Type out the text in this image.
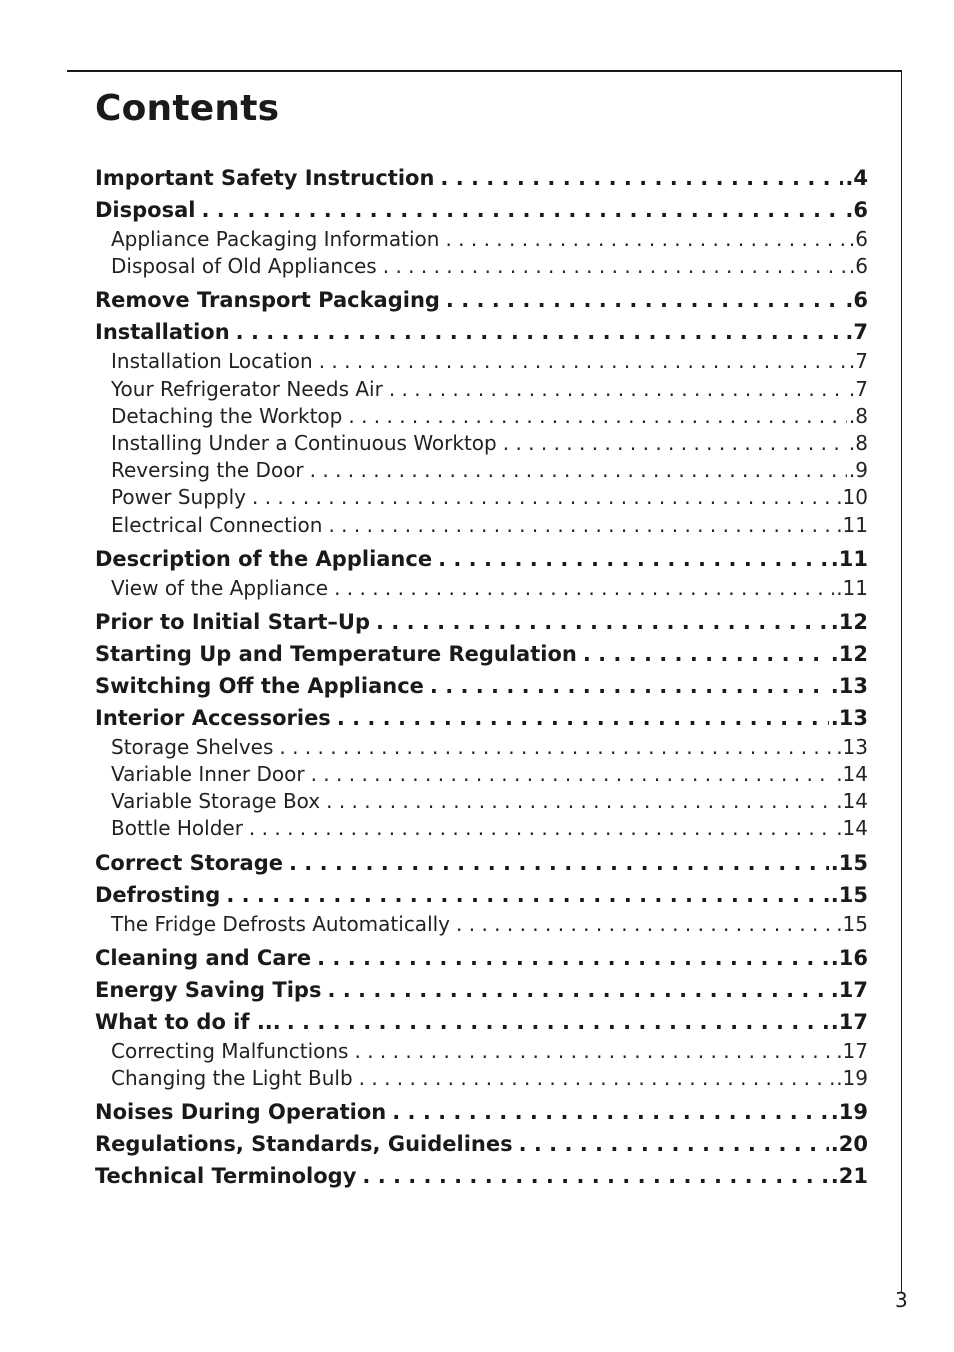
Contents
Important Safety Instruction . . .	.4
Disposal . . .	.6
Appliance Packaging Information . . .	.6
Disposal of Old Appliances . . .	.6
Remove Transport Packaging . . .	.6
Installation . . .	.7
Installation Location . . .	.7
Your Refrigerator Needs Air . . .	.7
Detaching the Worktop . . .	.8
Installing Under a Continuous Worktop . . .	.8
Reversing the Door . . .	.9
Power Supply . . .	.10
Electrical Connection . . .	.11
Description of the Appliance . . .	.11
View of the Appliance . . .	.11
Prior to Initial Start–Up . . .	.12
Starting Up and Temperature Regulation . . .	.12
Switching Off the Appliance . . .	.13
Interior Accessories . . .	.13
Storage Shelves . . .	.13
Variable Inner Door . . .	.14
Variable Storage Box . . .	.14
Bottle Holder . . .	.14
Correct Storage . . .	.15
Defrosting . . .	.15
The Fridge Defrosts Automatically . . .	.15
Cleaning and Care . . .	.16
Energy Saving Tips . . .	.17
What to do if ... . . .	.17
Correcting Malfunctions . . .	.17
Changing the Light Bulb . . .	.19
Noises During Operation . . .	.19
Regulations, Standards, Guidelines . . .	.20
Technical Terminology . . .	.21
3
